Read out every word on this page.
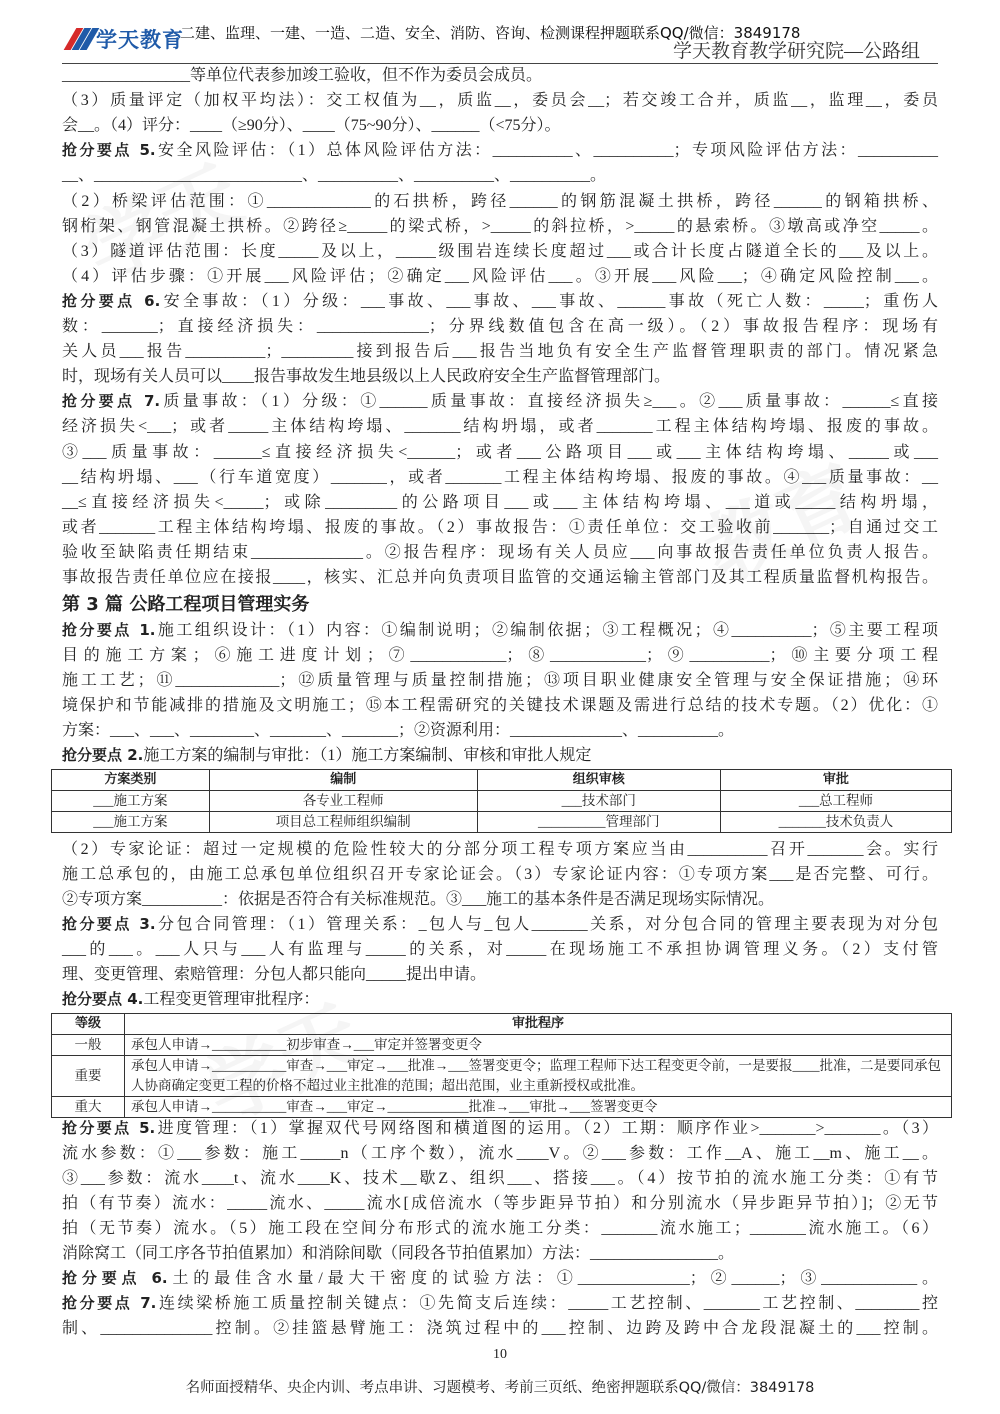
学天教育
二建、监理、一建、一造、二造、安全、消防、咨询、检测课程押题联系QQ/微信：3849178
学天教育教学研究院—公路组
________________等单位代表参加竣工验收，但不作为委员会成员。
（3）质量评定（加权平均法）：交工权值为__，质监__，委员会__；若交竣工合并，质监__，监理__，委员
会__。（4）评分：____（≥90分）、____（75~90分）、______（<75分）。
抢分要点 5.安全风险评估：（1）总体风险评估方法：__________、__________；专项风险评估方法：__________
__、__________________________、__________、__________、__________。
（2）桥梁评估范围：①_____________的石拱桥，跨径______的钢筋混凝土拱桥，跨径______的钢箱拱桥、
钢桁架、钢管混凝土拱桥。②跨径≥_____的梁式桥，>_____的斜拉桥，>_____的悬索桥。③墩高或净空_____。
（3）隧道评估范围：长度_____及以上，_____级围岩连续长度超过___或合计长度占隧道全长的___及以上。
（4）评估步骤：①开展___风险评估；②确定___风险评估___。③开展___风险___；④确定风险控制___。
抢分要点 6.安全事故：（1）分级：___事故、___事故、___事故、______事故（死亡人数：_____；重伤人
数：_______；直接经济损失：______________；分界线数值包含在高一级）。（2）事故报告程序：现场有
关人员___报告__________；_________接到报告后___报告当地负有安全生产监督管理职责的部门。情况紧急
时，现场有关人员可以____报告事故发生地县级以上人民政府安全生产监督管理部门。
抢分要点 7.质量事故：（1）分级：①______质量事故：直接经济损失≥___。②___质量事故：______≤直接
经济损失<___；或者_____主体结构垮塌、_______结构坍塌，或者_______工程主体结构垮塌、报废的事故。
③___质量事故：______≤直接经济损失<______；或者___公路项目___或___主体结构垮塌、_____或___
__结构坍塌、___（行车道宽度）_______，或者_______工程主体结构垮塌、报废的事故。④___质量事故：__
__≤直接经济损失<_____；或除_________的公路项目___或___主体结构垮塌、___道或_____结构坍塌，
或者_______工程主体结构垮塌、报废的事故。（2）事故报告：①责任单位：交工验收前_______；自通过交工
验收至缺陷责任期结束______________。②报告程序：现场有关人员应___向事故报告责任单位负责人报告。
事故报告责任单位应在接报____，核实、汇总并向负责项目监管的交通运输主管部门及其工程质量监督机构报告。
第 3 篇 公路工程项目管理实务
抢分要点 1.施工组织设计：（1）内容：①编制说明；②编制依据；③工程概况；④__________；⑤主要工程项
目的施工方案；⑥施工进度计划；⑦____________；⑧____________；⑨__________；⑩主要分项工程
施工工艺；⑪_____________；⑫质量管理与质量控制措施；⑬项目职业健康安全管理与安全保证措施；⑭环
境保护和节能减排的措施及文明施工；⑮本工程需研究的关键技术课题及需进行总结的技术专题。（2）优化：①
方案：___、___、________、_______、_______；②资源利用：______________、__________。
抢分要点 2.施工方案的编制与审批：（1）施工方案编制、审核和审批人规定
方案类别	编制	组织审核	审批
___施工方案	各专业工程师	___技术部门	___总工程师
___施工方案	项目总工程师组织编制	__________管理部门	_______技术负责人
（2）专家论证：超过一定规模的危险性较大的分部分项工程专项方案应当由__________召开_______会。实行
施工总承包的，由施工总承包单位组织召开专家论证会。（3）专家论证内容：①专项方案___是否完整、可行。
②专项方案__________：依据是否符合有关标准规范。③___施工的基本条件是否满足现场实际情况。
抢分要点 3.分包合同管理：（1）管理关系：_包人与_包人_______关系，对分包合同的管理主要表现为对分包
___的___。___人只与___人有监理与_____的关系，对_____在现场施工不承担协调管理义务。（2）支付管
理、变更管理、索赔管理：分包人都只能向_____提出申请。
抢分要点 4.工程变更管理审批程序：
等级	审批程序
一般	承包人申请→___________初步审查→___审定并签署变更令
重要	承包人申请→___________审查→___审定→___批准→___签署变更令；监理工程师下达工程变更令前，一是要报____批准，二是要同承包人协商确定变更工程的价格不超过业主批准的范围；超出范围，业主重新授权或批准。
重大	承包人申请→___________审查→___审定→____________批准→___审批→___签署变更令
抢分要点 5.进度管理：（1）掌握双代号网络图和横道图的运用。（2）工期：顺序作业>_______>_______。（3）
流水参数：①___参数：施工_____n（工序个数），流水____V。②___参数：工作__A、施工__m、施工__。
③___参数：流水____t、流水____K、技术__歇Z、组织___、搭接___。（4）按节拍的流水施工分类：①有节
拍（有节奏）流水：_____流水、_____流水[成倍流水（等步距异节拍）和分别流水（异步距异节拍）]；②无节
拍（无节奏）流水。（5）施工段在空间分布形式的流水施工分类：_______流水施工；_______流水施工。（6）
消除窝工（同工序各节拍值累加）和消除间歇（同段各节拍值累加）方法：________________。
抢分要点 6.土的最佳含水量/最大干密度的试验方法：①______________；②______；③____________。
抢分要点 7.连续梁桥施工质量控制关键点：①先简支后连续：_____工艺控制、_______工艺控制、________控
制、______________控制。②挂篮悬臂施工：浇筑过程中的___控制、边跨及跨中合龙段混凝土的___控制。
10
名师面授精华、央企内训、考点串讲、习题模考、考前三页纸、绝密押题联系QQ/微信：3849178
